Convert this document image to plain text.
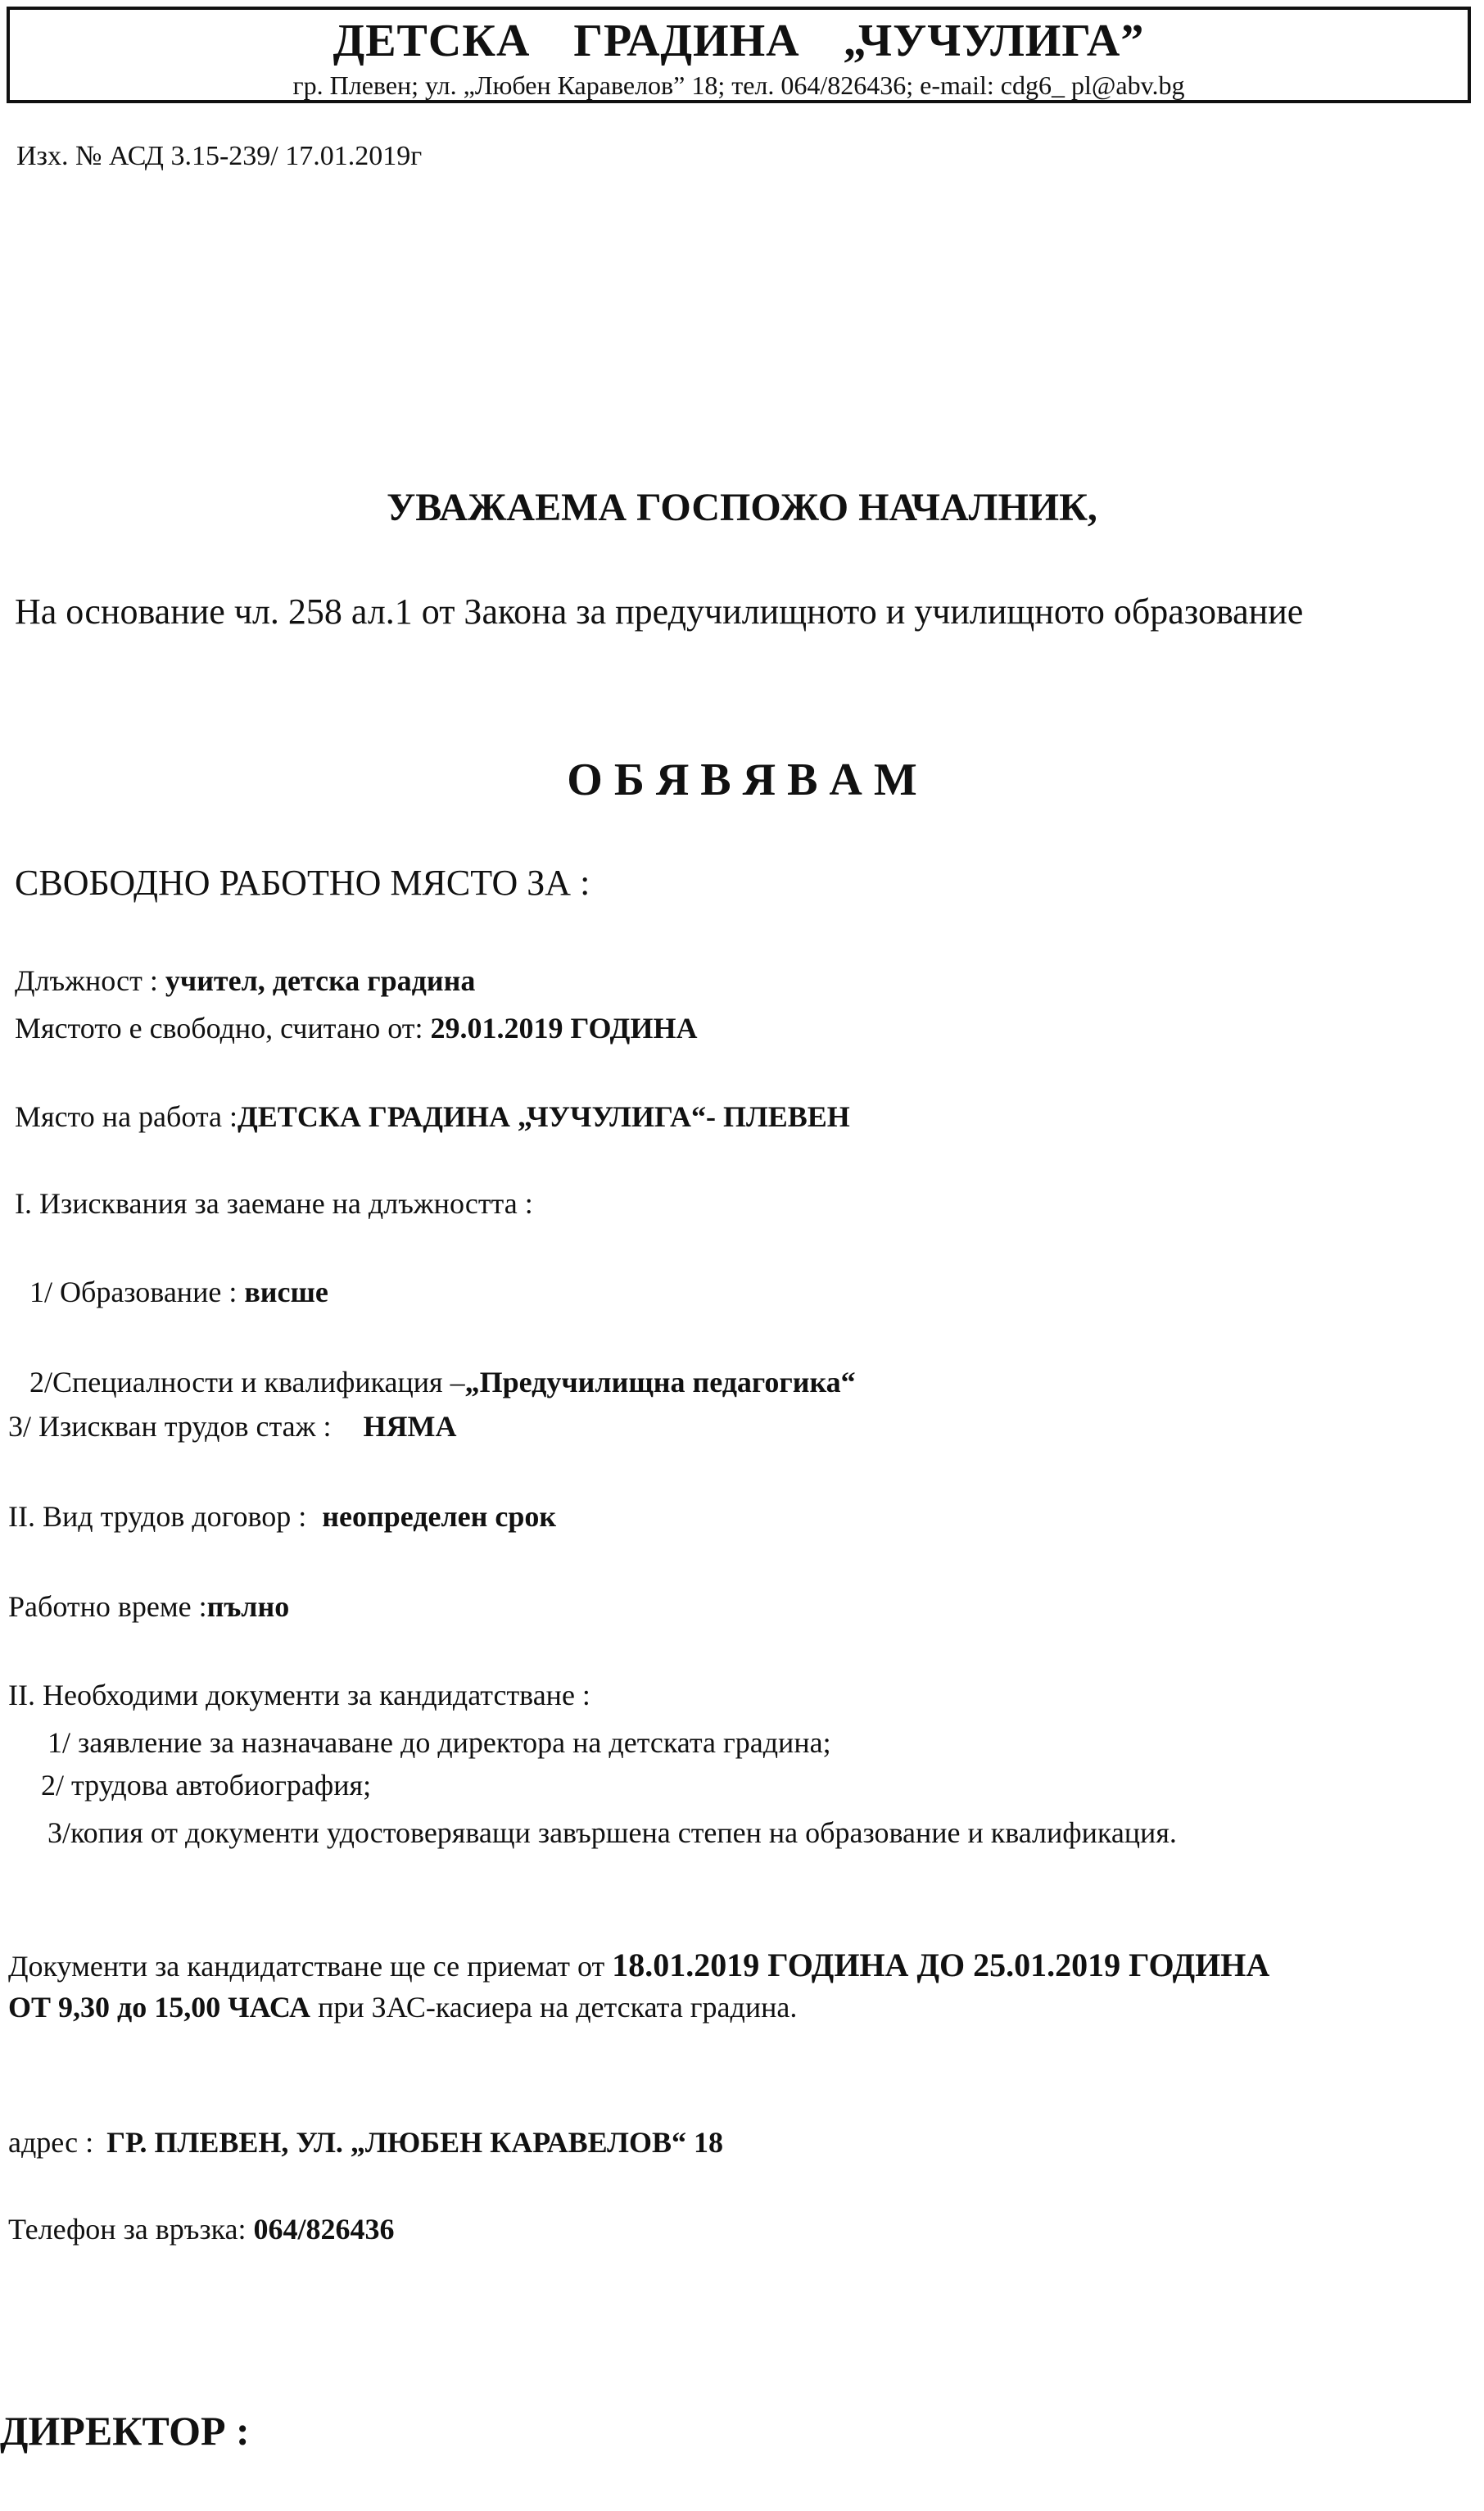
ДЕТСКА ГРАДИНА „ЧУЧУЛИГА”
гр. Плевен; ул. „Любен Каравелов” 18; тел. 064/826436; e-mail: cdg6_ pl@abv.bg
Изх. № АСД 3.15-239/ 17.01.2019г
УВАЖАЕМА ГОСПОЖО НАЧАЛНИК,
На основание чл. 258 ал.1 от Закона за предучилищното и училищното образование
О Б Я В Я В А М
СВОБОДНО РАБОТНО МЯСТО ЗА :
Длъжност : учител, детска градина
Мястото е свободно, считано от: 29.01.2019 ГОДИНА
Място на работа :ДЕТСКА ГРАДИНА „ЧУЧУЛИГА“- ПЛЕВЕН
I. Изисквания за заемане на длъжността :
1/ Образование : висше
2/Специалности и квалификация –„Предучилищна педагогика“
3/ Изискван трудов стаж : НЯМА
II. Вид трудов договор : неопределен срок
Работно време :пълно
II. Необходими документи за кандидатстване :
1/ заявление за назначаване до директора на детската градина;
2/ трудова автобиография;
3/копия от документи удостоверяващи завършена степен на образование и квалификация.
Документи за кандидатстване ще се приемат от 18.01.2019 ГОДИНА ДО 25.01.2019 ГОДИНА
ОТ 9,30 до 15,00 ЧАСА при ЗАС-касиера на детската градина.
адрес : ГР. ПЛЕВЕН, УЛ. „ЛЮБЕН КАРАВЕЛОВ“ 18
Телефон за връзка: 064/826436
ДИРЕКТОР :
